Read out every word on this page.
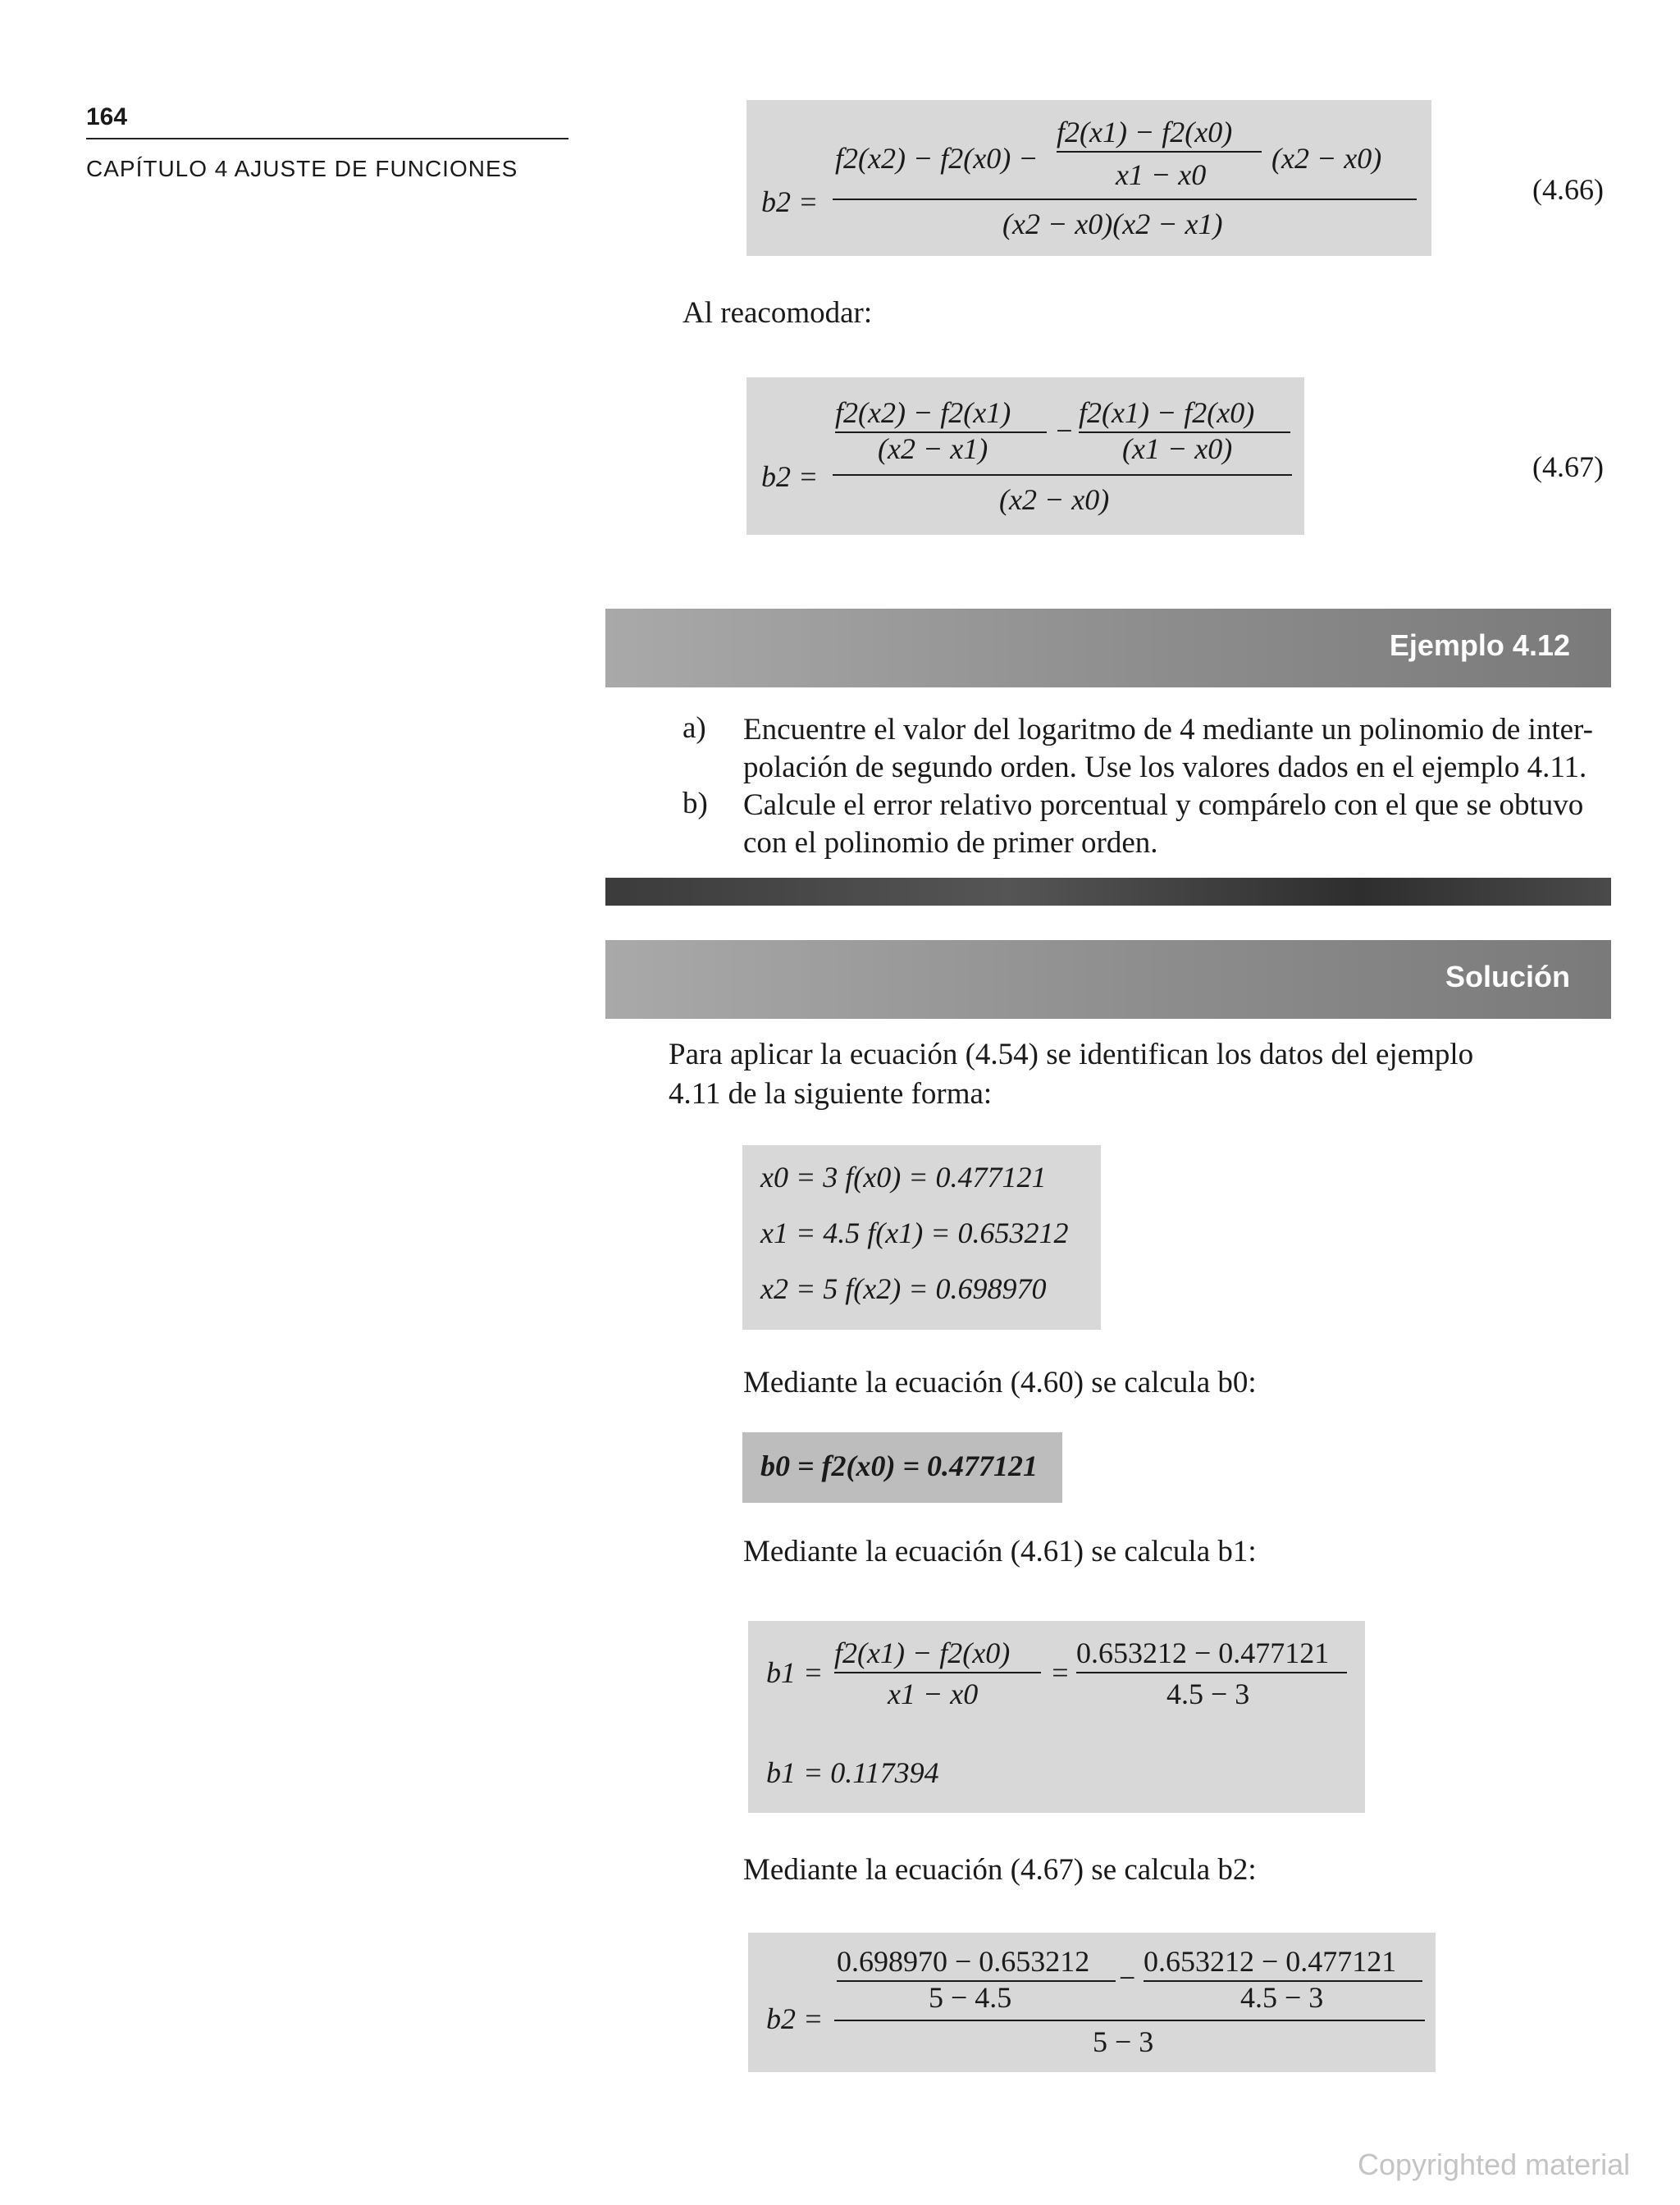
164
CAPÍTULO 4 AJUSTE DE FUNCIONES
b2 =
f2(x2) − f2(x0) −
f2(x1) − f2(x0)
x1 − x0 (x2 − x0)
(x2 − x0)(x2 − x1)
(4.66)
Al reacomodar:
b2 =
f2(x2) − f2(x1)
(x2 − x1)
−
f2(x1) − f2(x0)
(x1 − x0)
(x2 − x0)
(4.67)
Ejemplo 4.12
a) Encuentre el valor del logaritmo de 4 mediante un polinomio de inter-
polación de segundo orden. Use los valores dados en el ejemplo 4.11.
b) Calcule el error relativo porcentual y compárelo con el que se obtuvo
con el polinomio de primer orden.
Solución
Para aplicar la ecuación (4.54) se identifican los datos del ejemplo
4.11 de la siguiente forma:
x0 = 3 f(x0) = 0.477121
x1 = 4.5 f(x1) = 0.653212
x2 = 5 f(x2) = 0.698970
Mediante la ecuación (4.60) se calcula b0:
b0 = f2(x0) = 0.477121
Mediante la ecuación (4.61) se calcula b1:
b1 =
f2(x1) − f2(x0)
x1 − x0
=
0.653212 − 0.477121
4.5 − 3
b1 = 0.117394
Mediante la ecuación (4.67) se calcula b2:
b2 =
0.698970 − 0.653212
5 − 4.5
− 0.653212 − 0.477121
4.5 − 3
5 − 3
Copyrighted material
